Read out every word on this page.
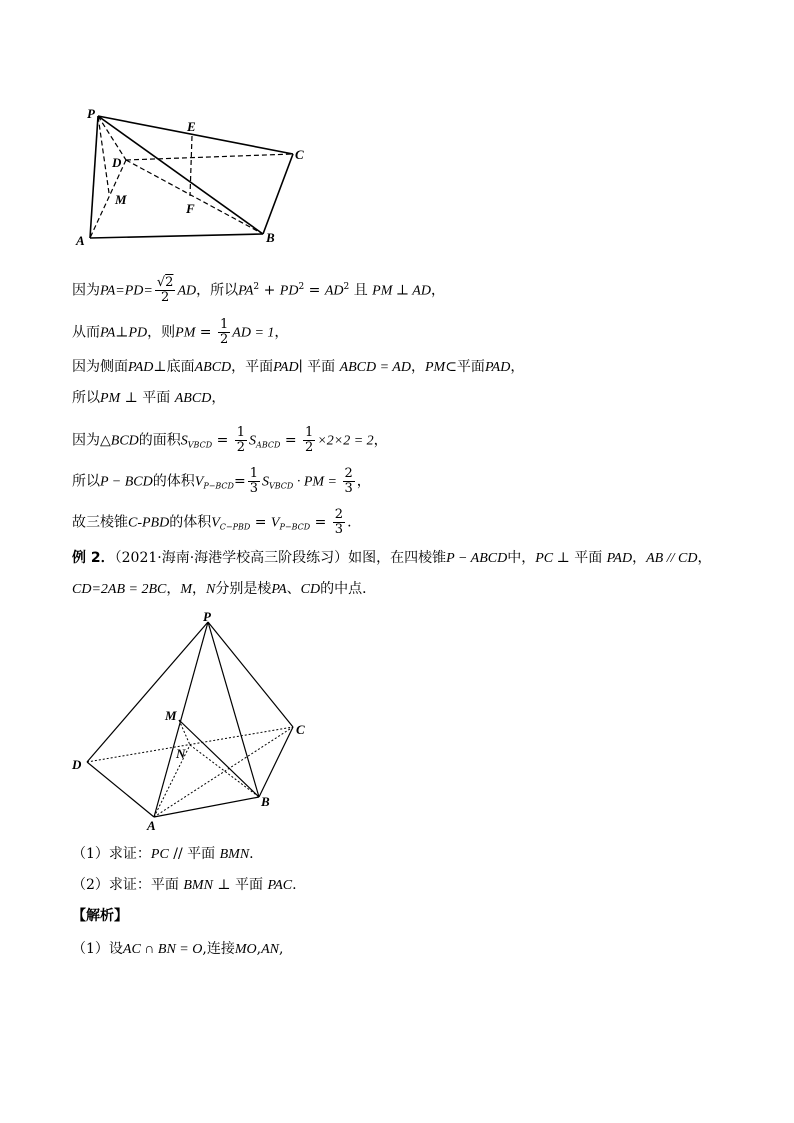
P
E
C
D
M
F
A	B
因为$PA=PD= \frac{√2}{2}$ AD，所以$PA^2 + PD^2 = AD^2$ 且 PM ⊥ AD，
从而PA⊥PD，则PM = $\frac{1}{2}$ AD = 1，
因为侧面PAD⊥底面ABCD，平面PAD∣ 平面 ABCD = AD，PM⊂平面PAD，
所以PM ⊥ 平面 ABCD，
因为△BCD的面积$S_{VBCD} = \frac{1}{2} S_{ABCD} = \frac{1}{2} \times 2\times 2 = 2$，
所以P − BCD的体积$V_{P-BCD}= \frac{1}{3} S_{VBCD}$ · PM = $\frac{2}{3}$ ，
故三棱锥C-PBD的体积$V_{C-PBD} = V_{P-BCD} = \frac{2}{3}$ .
例 2．（2021·海南·海港学校高三阶段练习）如图，在四棱锥P − ABCD中，PC ⊥ 平面 PAD，AB // CD，
CD=2AB = 2BC，M，N分别是棱PA、CD的中点．
P
M
C
N
D
B
A
（1）求证：PC // 平面 BMN.
（2）求证：平面 BMN ⊥ 平面 PAC.
【解析】
（1）设AC ∩ BN = O,连接MO,AN,
